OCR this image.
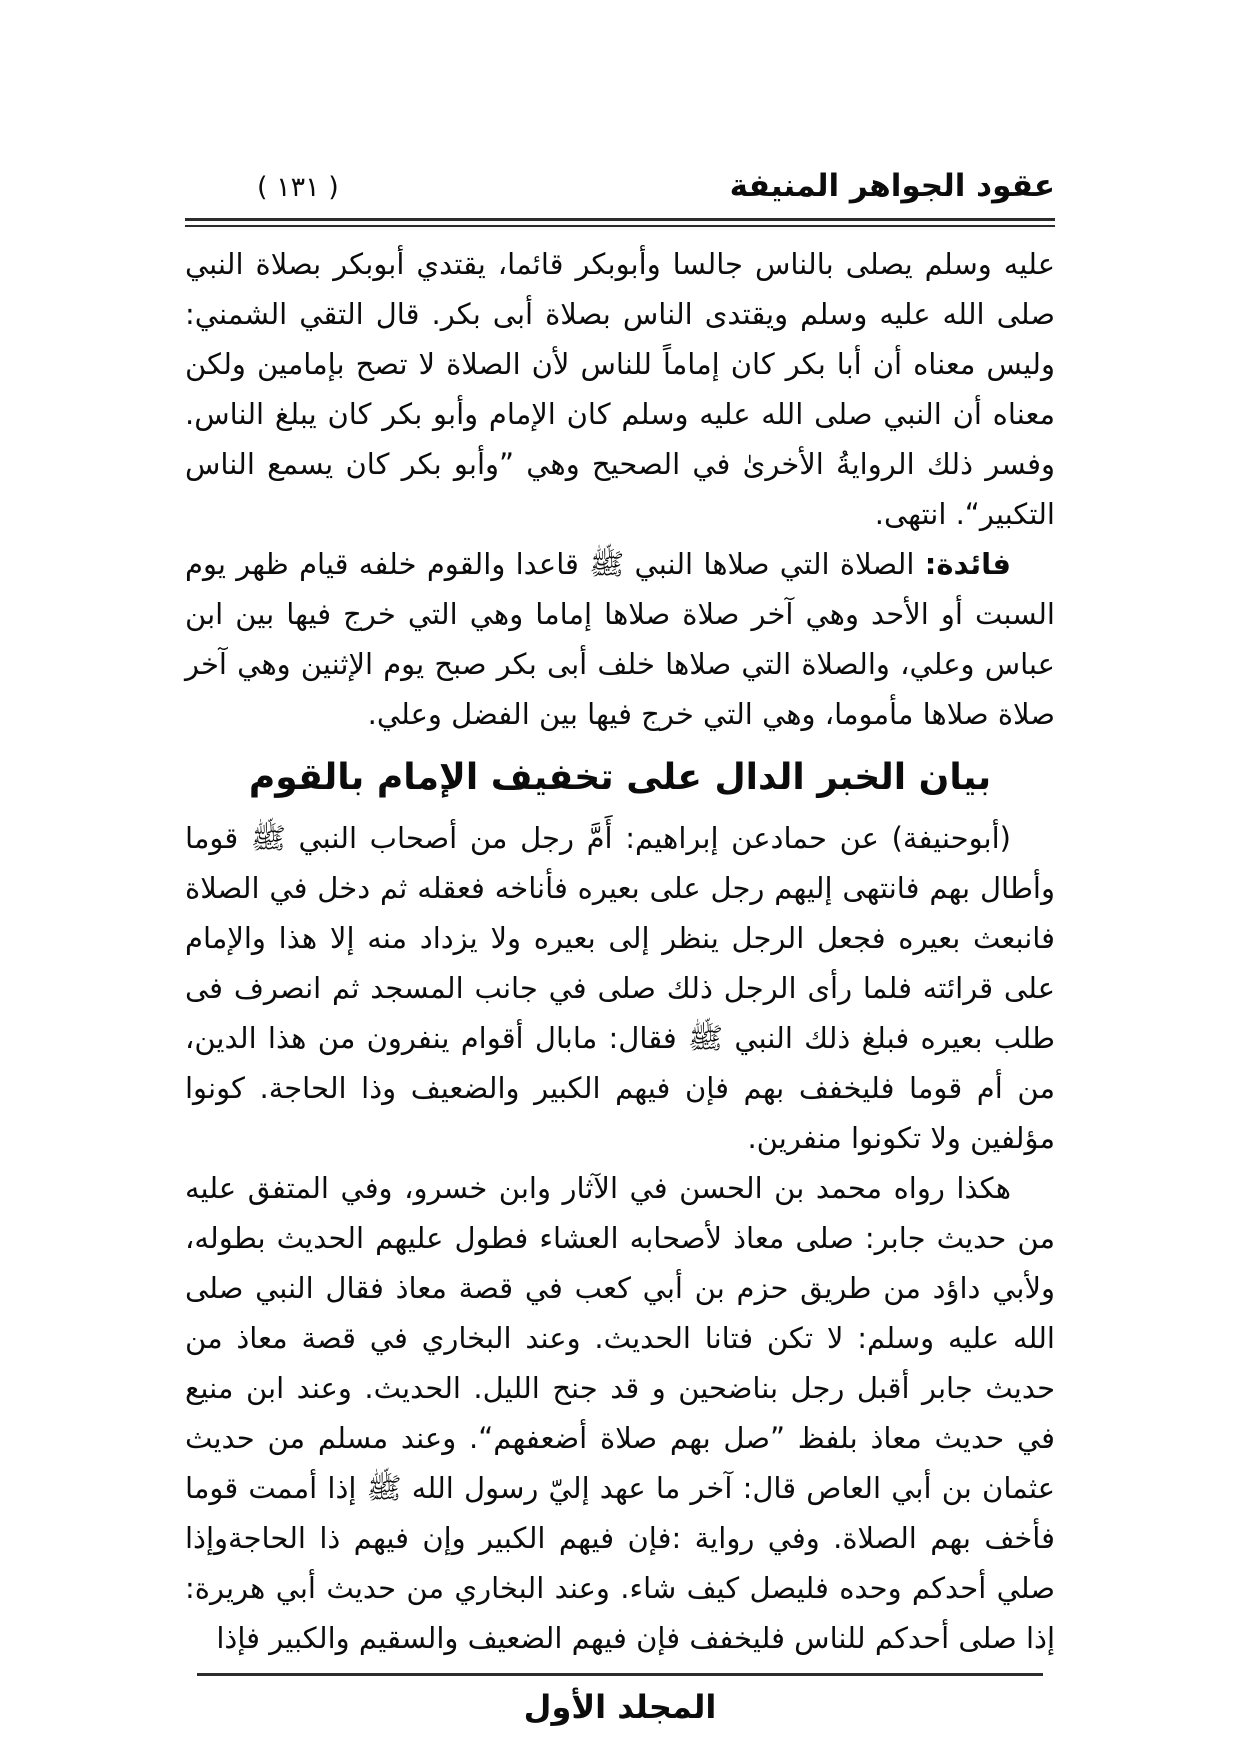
عقود الجواهر المنيفة
( ١٣١ )

عليه وسلم يصلى بالناس جالسا وأبوبكر قائما، يقتدي أبوبكر بصلاة النبي صلى الله عليه وسلم ويقتدى الناس بصلاة أبى بكر. قال التقي الشمني: وليس معناه أن أبا بكر كان إماماً للناس لأن الصلاة لا تصح بإمامين ولكن معناه أن النبي صلى الله عليه وسلم كان الإمام وأبو بكر كان يبلغ الناس. وفسر ذلك الروايةُ الأخرىٰ في الصحيح وهي ”وأبو بكر كان يسمع الناس التكبير“. انتهى.

فائدة: الصلاة التي صلاها النبي ﷺ قاعدا والقوم خلفه قيام ظهر يوم السبت أو الأحد وهي آخر صلاة صلاها إماما وهي التي خرج فيها بين ابن عباس وعلي، والصلاة التي صلاها خلف أبى بكر صبح يوم الإثنين وهي آخر صلاة صلاها مأموما، وهي التي خرج فيها بين الفضل وعلي.

بيان الخبر الدال على تخفيف الإمام بالقوم

(أبوحنيفة) عن حمادعن إبراهيم: أَمَّ رجل من أصحاب النبي ﷺ قوما وأطال بهم فانتهى إليهم رجل على بعيره فأناخه فعقله ثم دخل في الصلاة فانبعث بعيره فجعل الرجل ينظر إلى بعيره ولا يزداد منه إلا هذا والإمام على قرائته فلما رأى الرجل ذلك صلى في جانب المسجد ثم انصرف فى طلب بعيره فبلغ ذلك النبي ﷺ فقال: مابال أقوام ينفرون من هذا الدين، من أم قوما فليخفف بهم فإن فيهم الكبير والضعيف وذا الحاجة. كونوا مؤلفين ولا تكونوا منفرين.

هكذا رواه محمد بن الحسن في الآثار وابن خسرو، وفي المتفق عليه من حديث جابر: صلى معاذ لأصحابه العشاء فطول عليهم الحديث بطوله، ولأبي داؤد من طريق حزم بن أبي كعب في قصة معاذ فقال النبي صلى الله عليه وسلم: لا تكن فتانا الحديث. وعند البخاري في قصة معاذ من حديث جابر أقبل رجل بناضحين و قد جنح الليل. الحديث. وعند ابن منيع في حديث معاذ بلفظ ”صل بهم صلاة أضعفهم“. وعند مسلم من حديث عثمان بن أبي العاص قال: آخر ما عهد إليّ رسول الله ﷺ إذا أممت قوما فأخف بهم الصلاة. وفي رواية :فإن فيهم الكبير وإن فيهم ذا الحاجةوإذا صلي أحدكم وحده فليصل كيف شاء. وعند البخاري من حديث أبي هريرة: إذا صلى أحدكم للناس فليخفف فإن فيهم الضعيف والسقيم والكبير فإذا

المجلد الأول
